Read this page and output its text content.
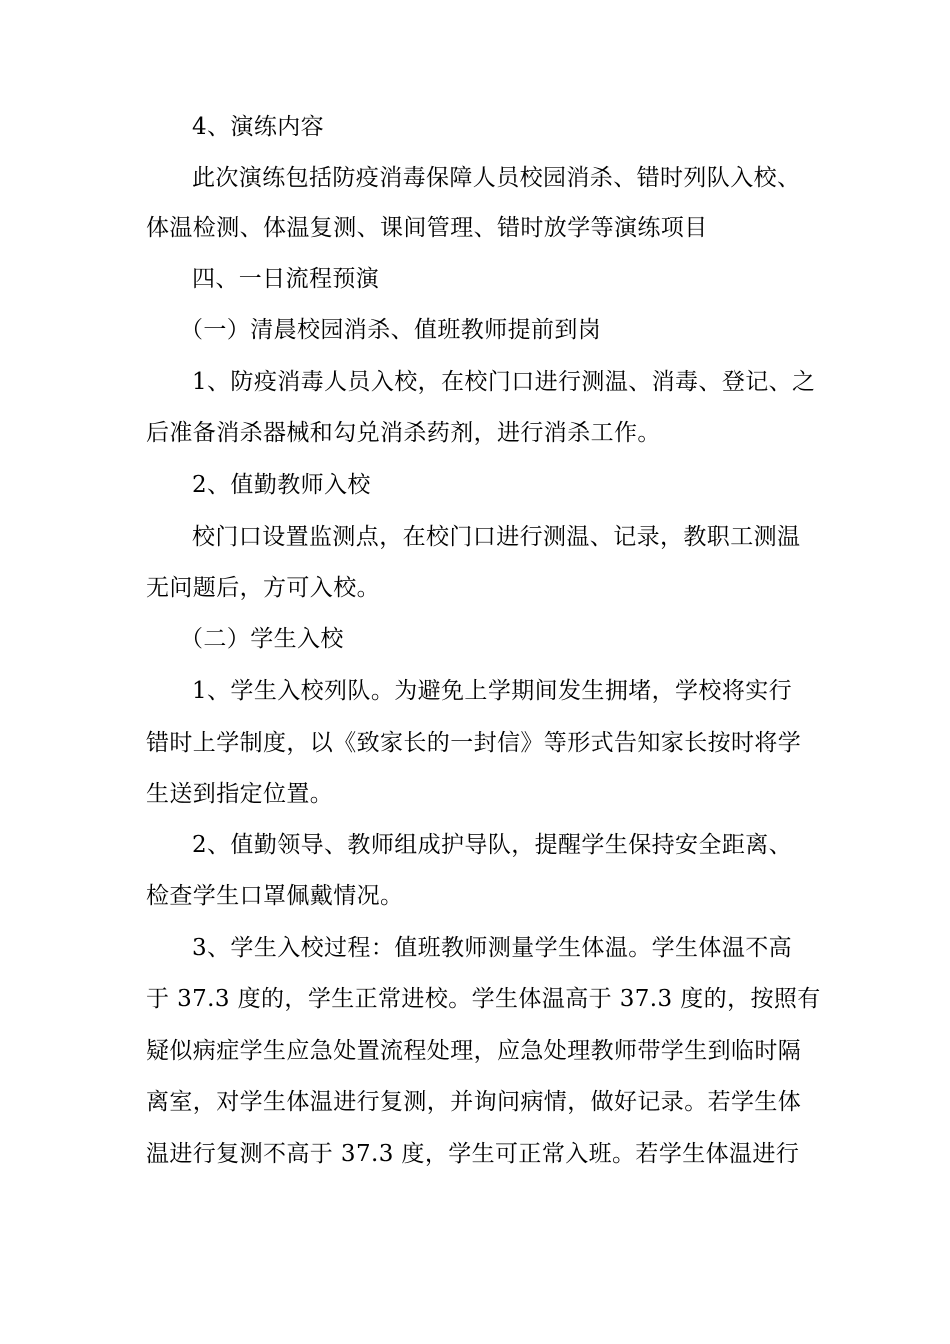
4、演练内容
此次演练包括防疫消毒保障人员校园消杀、错时列队入校、
体温检测、体温复测、课间管理、错时放学等演练项目
四、一日流程预演
（一）清晨校园消杀、值班教师提前到岗
1、防疫消毒人员入校，在校门口进行测温、消毒、登记、之
后准备消杀器械和勾兑消杀药剂，进行消杀工作。
2、值勤教师入校
校门口设置监测点，在校门口进行测温、记录，教职工测温
无问题后，方可入校。
（二）学生入校
1、学生入校列队。为避免上学期间发生拥堵，学校将实行
错时上学制度，以《致家长的一封信》等形式告知家长按时将学
生送到指定位置。
2、值勤领导、教师组成护导队，提醒学生保持安全距离、
检查学生口罩佩戴情况。
3、学生入校过程：值班教师测量学生体温。学生体温不高
于 37.3 度的，学生正常进校。学生体温高于 37.3 度的，按照有
疑似病症学生应急处置流程处理，应急处理教师带学生到临时隔
离室，对学生体温进行复测，并询问病情，做好记录。若学生体
温进行复测不高于 37.3 度，学生可正常入班。若学生体温进行
